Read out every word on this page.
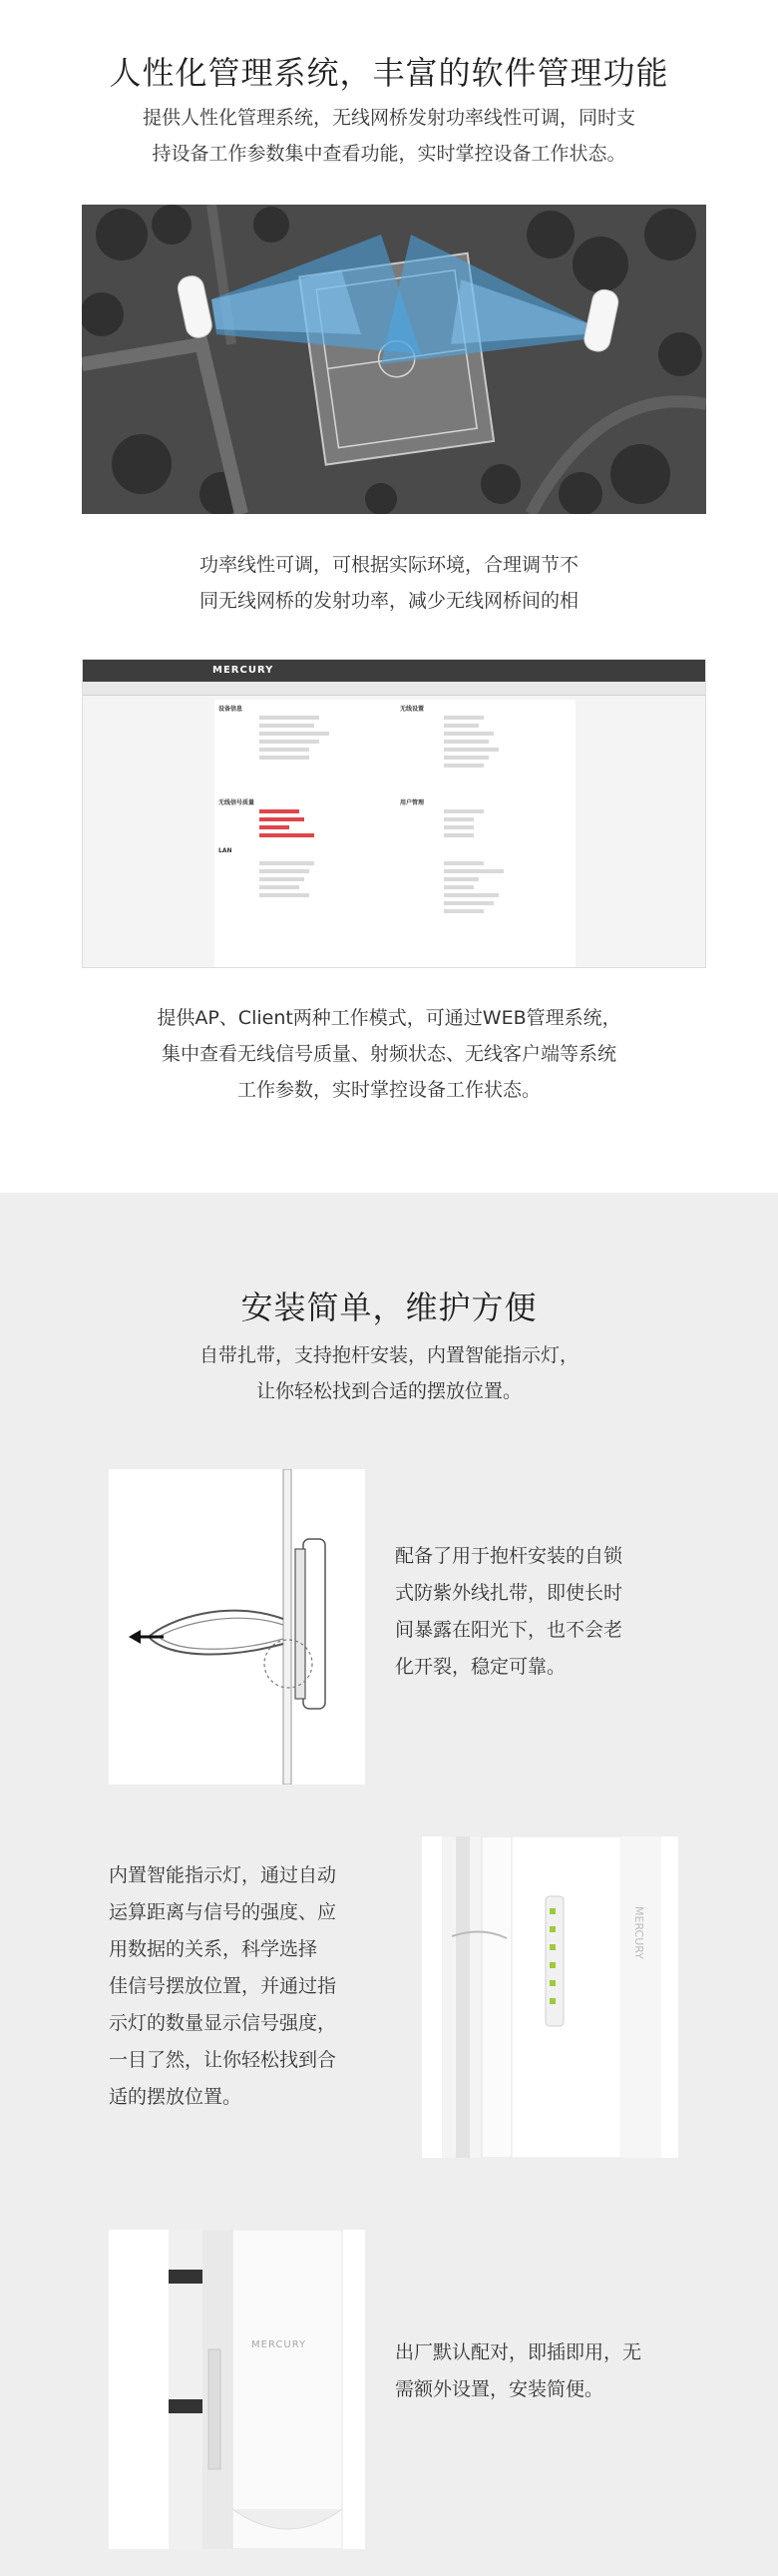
人性化管理系统，丰富的软件管理功能

提供人性化管理系统，无线网桥发射功率线性可调，同时支
持设备工作参数集中查看功能，实时掌控设备工作状态。

功率线性可调，可根据实际环境，合理调节不
同无线网桥的发射功率，减少无线网桥间的相

MERCURY
设备信息	无线设置
无线信号质量	用户管理
LAN

提供AP、Client两种工作模式，可通过WEB管理系统，
集中查看无线信号质量、射频状态、无线客户端等系统
工作参数，实时掌控设备工作状态。

安装简单，维护方便

自带扎带，支持抱杆安装，内置智能指示灯，
让你轻松找到合适的摆放位置。

配备了用于抱杆安装的自锁
式防紫外线扎带，即使长时
间暴露在阳光下，也不会老
化开裂，稳定可靠。

内置智能指示灯，通过自动
运算距离与信号的强度、应
用数据的关系，科学选择
佳信号摆放位置，并通过指
示灯的数量显示信号强度，
一目了然，让你轻松找到合
适的摆放位置。

MERCURY
MERCURY	出厂默认配对，即插即用，无
需额外设置，安装简便。
